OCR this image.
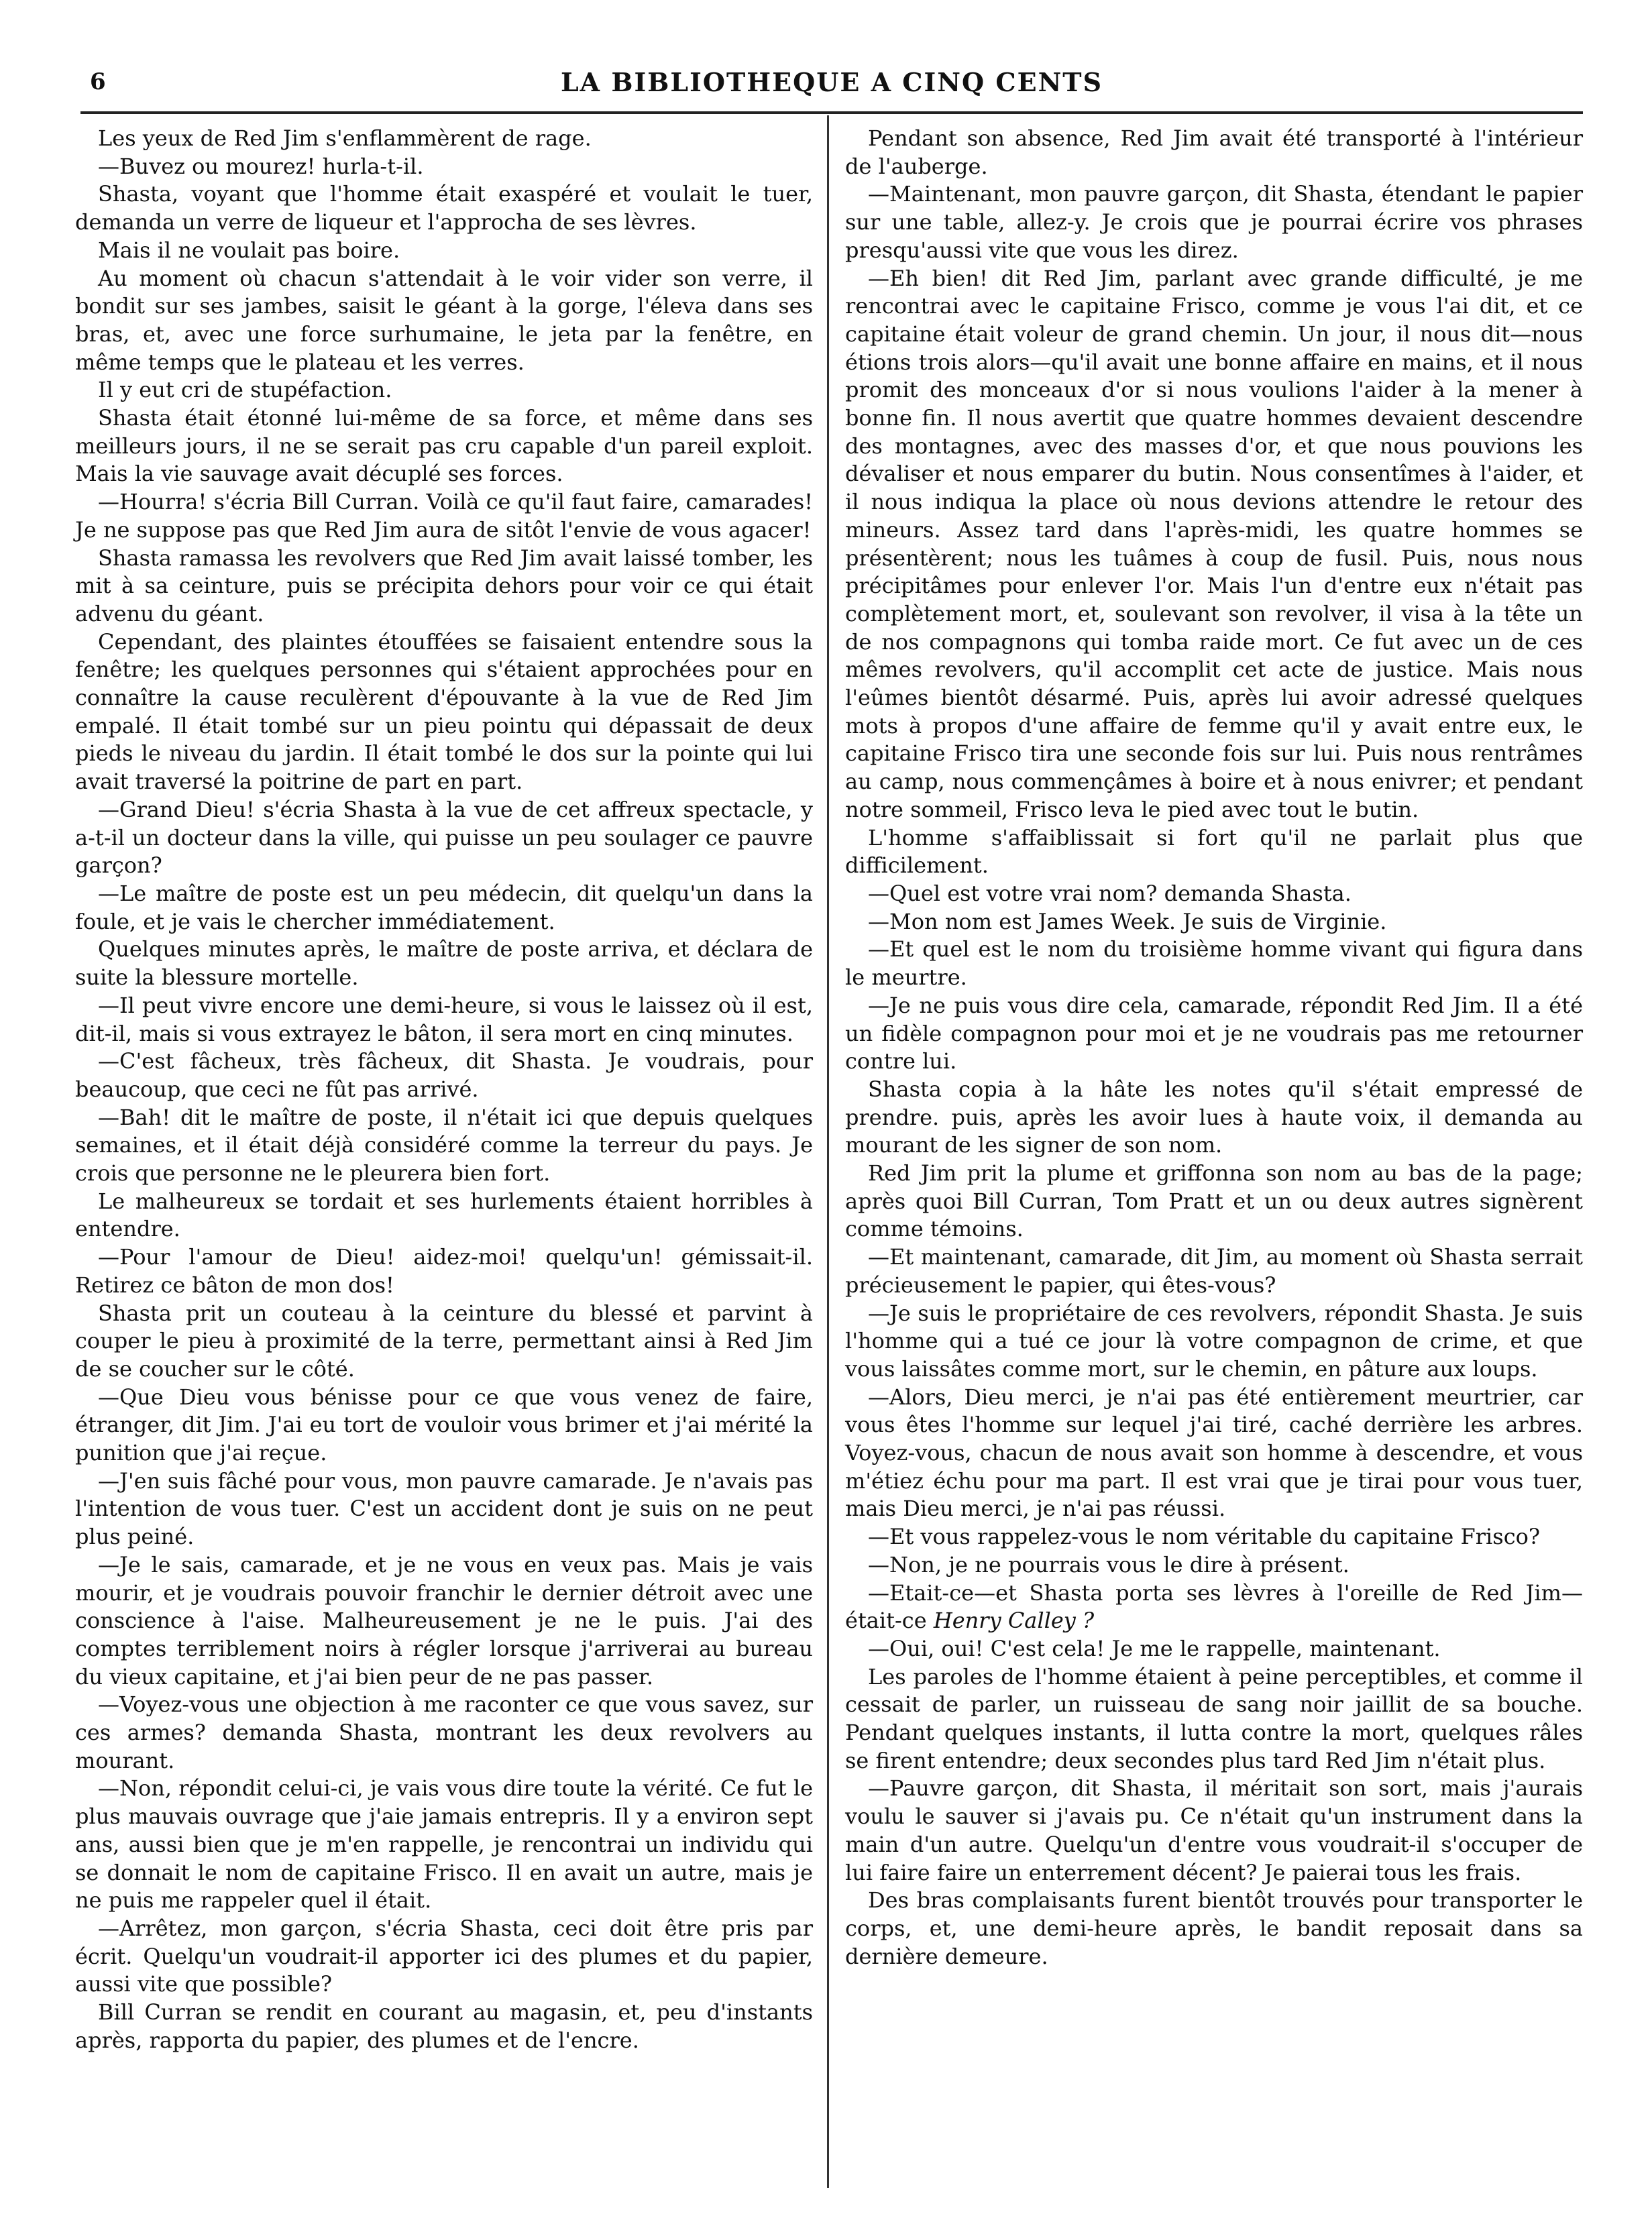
6	LA BIBLIOTHEQUE A CINQ CENTS

Les yeux de Red Jim s'enflammèrent de rage.

—Buvez ou mourez! hurla-t-il.

Shasta, voyant que l'homme était exaspéré et voulait le tuer, demanda un verre de liqueur et l'approcha de ses lèvres.

Mais il ne voulait pas boire.

Au moment où chacun s'attendait à le voir vider son verre, il bondit sur ses jambes, saisit le géant à la gorge, l'éleva dans ses bras, et, avec une force surhumaine, le jeta par la fenêtre, en même temps que le plateau et les verres.

Il y eut cri de stupéfaction.

Shasta était étonné lui-même de sa force, et même dans ses meilleurs jours, il ne se serait pas cru capable d'un pareil exploit. Mais la vie sauvage avait décuplé ses forces.

—Hourra! s'écria Bill Curran. Voilà ce qu'il faut faire, camarades! Je ne suppose pas que Red Jim aura de sitôt l'envie de vous agacer!

Shasta ramassa les revolvers que Red Jim avait laissé tomber, les mit à sa ceinture, puis se précipita dehors pour voir ce qui était advenu du géant.

Cependant, des plaintes étouffées se faisaient entendre sous la fenêtre; les quelques personnes qui s'étaient approchées pour en connaître la cause reculèrent d'épouvante à la vue de Red Jim empalé. Il était tombé sur un pieu pointu qui dépassait de deux pieds le niveau du jardin. Il était tombé le dos sur la pointe qui lui avait traversé la poitrine de part en part.

—Grand Dieu! s'écria Shasta à la vue de cet affreux spectacle, y a-t-il un docteur dans la ville, qui puisse un peu soulager ce pauvre garçon?

—Le maître de poste est un peu médecin, dit quelqu'un dans la foule, et je vais le chercher immédiatement.

Quelques minutes après, le maître de poste arriva, et déclara de suite la blessure mortelle.

—Il peut vivre encore une demi-heure, si vous le laissez où il est, dit-il, mais si vous extrayez le bâton, il sera mort en cinq minutes.

—C'est fâcheux, très fâcheux, dit Shasta. Je voudrais, pour beaucoup, que ceci ne fût pas arrivé.

—Bah! dit le maître de poste, il n'était ici que depuis quelques semaines, et il était déjà considéré comme la terreur du pays. Je crois que personne ne le pleurera bien fort.

Le malheureux se tordait et ses hurlements étaient horribles à entendre.

—Pour l'amour de Dieu! aidez-moi! quelqu'un! gémissait-il. Retirez ce bâton de mon dos!

Shasta prit un couteau à la ceinture du blessé et parvint à couper le pieu à proximité de la terre, permettant ainsi à Red Jim de se coucher sur le côté.

—Que Dieu vous bénisse pour ce que vous venez de faire, étranger, dit Jim. J'ai eu tort de vouloir vous brimer et j'ai mérité la punition que j'ai reçue.

—J'en suis fâché pour vous, mon pauvre camarade. Je n'avais pas l'intention de vous tuer. C'est un accident dont je suis on ne peut plus peiné.

—Je le sais, camarade, et je ne vous en veux pas. Mais je vais mourir, et je voudrais pouvoir franchir le dernier détroit avec une conscience à l'aise. Malheureusement je ne le puis. J'ai des comptes terriblement noirs à régler lorsque j'arriverai au bureau du vieux capitaine, et j'ai bien peur de ne pas passer.

—Voyez-vous une objection à me raconter ce que vous savez, sur ces armes? demanda Shasta, montrant les deux revolvers au mourant.

—Non, répondit celui-ci, je vais vous dire toute la vérité. Ce fut le plus mauvais ouvrage que j'aie jamais entrepris. Il y a environ sept ans, aussi bien que je m'en rappelle, je rencontrai un individu qui se donnait le nom de capitaine Frisco. Il en avait un autre, mais je ne puis me rappeler quel il était.

—Arrêtez, mon garçon, s'écria Shasta, ceci doit être pris par écrit. Quelqu'un voudrait-il apporter ici des plumes et du papier, aussi vite que possible?

Bill Curran se rendit en courant au magasin, et, peu d'instants après, rapporta du papier, des plumes et de l'encre.

Pendant son absence, Red Jim avait été transporté à l'intérieur de l'auberge.

—Maintenant, mon pauvre garçon, dit Shasta, étendant le papier sur une table, allez-y. Je crois que je pourrai écrire vos phrases presqu'aussi vite que vous les direz.

—Eh bien! dit Red Jim, parlant avec grande difficulté, je me rencontrai avec le capitaine Frisco, comme je vous l'ai dit, et ce capitaine était voleur de grand chemin. Un jour, il nous dit—nous étions trois alors—qu'il avait une bonne affaire en mains, et il nous promit des monceaux d'or si nous voulions l'aider à la mener à bonne fin. Il nous avertit que quatre hommes devaient descendre des montagnes, avec des masses d'or, et que nous pouvions les dévaliser et nous emparer du butin. Nous consentîmes à l'aider, et il nous indiqua la place où nous devions attendre le retour des mineurs. Assez tard dans l'après-midi, les quatre hommes se présentèrent; nous les tuâmes à coup de fusil. Puis, nous nous précipitâmes pour enlever l'or. Mais l'un d'entre eux n'était pas complètement mort, et, soulevant son revolver, il visa à la tête un de nos compagnons qui tomba raide mort. Ce fut avec un de ces mêmes revolvers, qu'il accomplit cet acte de justice. Mais nous l'eûmes bientôt désarmé. Puis, après lui avoir adressé quelques mots à propos d'une affaire de femme qu'il y avait entre eux, le capitaine Frisco tira une seconde fois sur lui. Puis nous rentrâmes au camp, nous commençâmes à boire et à nous enivrer; et pendant notre sommeil, Frisco leva le pied avec tout le butin.

L'homme s'affaiblissait si fort qu'il ne parlait plus que difficilement.

—Quel est votre vrai nom? demanda Shasta.

—Mon nom est James Week. Je suis de Virginie.

—Et quel est le nom du troisième homme vivant qui figura dans le meurtre.

—Je ne puis vous dire cela, camarade, répondit Red Jim. Il a été un fidèle compagnon pour moi et je ne voudrais pas me retourner contre lui.

Shasta copia à la hâte les notes qu'il s'était empressé de prendre. puis, après les avoir lues à haute voix, il demanda au mourant de les signer de son nom.

Red Jim prit la plume et griffonna son nom au bas de la page; après quoi Bill Curran, Tom Pratt et un ou deux autres signèrent comme témoins.

—Et maintenant, camarade, dit Jim, au moment où Shasta serrait précieusement le papier, qui êtes-vous?

—Je suis le propriétaire de ces revolvers, répondit Shasta. Je suis l'homme qui a tué ce jour là votre compagnon de crime, et que vous laissâtes comme mort, sur le chemin, en pâture aux loups.

—Alors, Dieu merci, je n'ai pas été entièrement meurtrier, car vous êtes l'homme sur lequel j'ai tiré, caché derrière les arbres. Voyez-vous, chacun de nous avait son homme à descendre, et vous m'étiez échu pour ma part. Il est vrai que je tirai pour vous tuer, mais Dieu merci, je n'ai pas réussi.

—Et vous rappelez-vous le nom véritable du capitaine Frisco?

—Non, je ne pourrais vous le dire à présent.

—Etait-ce—et Shasta porta ses lèvres à l'oreille de Red Jim—était-ce Henry Calley ?

—Oui, oui! C'est cela! Je me le rappelle, maintenant.

Les paroles de l'homme étaient à peine perceptibles, et comme il cessait de parler, un ruisseau de sang noir jaillit de sa bouche. Pendant quelques instants, il lutta contre la mort, quelques râles se firent entendre; deux secondes plus tard Red Jim n'était plus.

—Pauvre garçon, dit Shasta, il méritait son sort, mais j'aurais voulu le sauver si j'avais pu. Ce n'était qu'un instrument dans la main d'un autre. Quelqu'un d'entre vous voudrait-il s'occuper de lui faire faire un enterrement décent? Je paierai tous les frais.

Des bras complaisants furent bientôt trouvés pour transporter le corps, et, une demi-heure après, le bandit reposait dans sa dernière demeure.
